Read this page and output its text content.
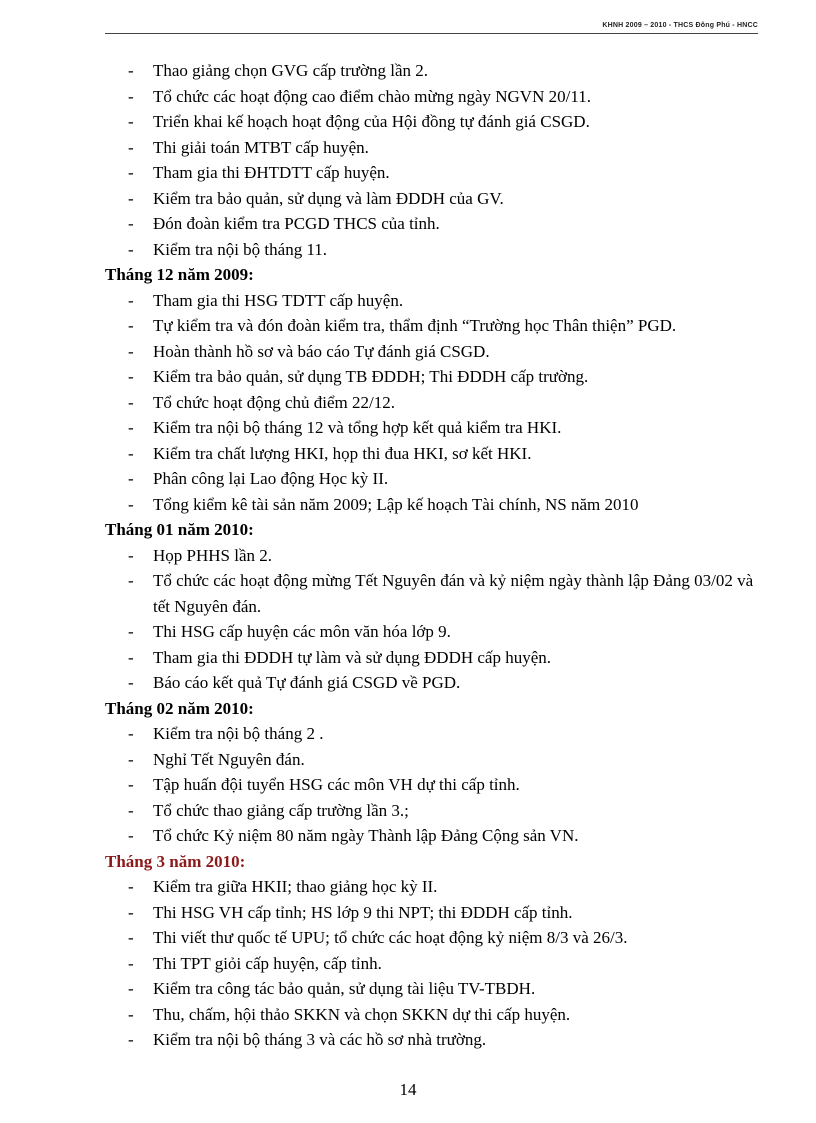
KHNH 2009 – 2010 - THCS Đông Phú - HNCC
- Thao giảng chọn GVG cấp trường lần 2.
- Tổ chức các hoạt động cao điểm chào mừng ngày NGVN 20/11.
- Triển khai kế hoạch hoạt động của Hội đồng tự đánh giá CSGD.
- Thi giải toán MTBT cấp huyện.
- Tham gia thi ĐHTDTT cấp huyện.
- Kiểm tra bảo quản, sử dụng và làm ĐDDH của GV.
- Đón đoàn kiểm tra PCGD THCS của tỉnh.
- Kiểm tra nội bộ tháng 11.

Tháng 12 năm 2009:

- Tham gia thi HSG TDTT cấp huyện.
- Tự kiểm tra và đón đoàn kiểm tra, thẩm định “Trường học Thân thiện” PGD.
- Hoàn thành hồ sơ và báo cáo Tự đánh giá CSGD.
- Kiểm tra bảo quản, sử dụng TB ĐDDH; Thi ĐDDH cấp trường.
- Tổ chức hoạt động chủ điểm 22/12.
- Kiểm tra nội bộ tháng 12 và tổng hợp kết quả kiểm tra HKI.
- Kiểm tra chất lượng HKI, họp thi đua HKI, sơ kết HKI.
- Phân công lại Lao động Học kỳ II.
- Tổng kiểm kê tài sản năm 2009; Lập kế hoạch Tài chính, NS năm 2010

Tháng 01 năm 2010:

- Họp PHHS lần 2.
- Tổ chức các hoạt động mừng Tết Nguyên đán và kỷ niệm ngày thành lập Đảng 03/02 và tết Nguyên đán.
- Thi HSG cấp huyện các môn văn hóa lớp 9.
- Tham gia thi ĐDDH tự làm và sử dụng ĐDDH cấp huyện.
- Báo cáo kết quả Tự đánh giá CSGD về PGD.

Tháng 02 năm 2010:

- Kiểm tra nội bộ tháng 2 .
- Nghỉ Tết Nguyên đán.
- Tập huấn đội tuyển HSG các môn VH dự thi cấp tỉnh.
- Tổ chức thao giảng cấp trường lần 3.;
- Tổ chức Kỷ niệm 80 năm ngày Thành lập Đảng Cộng sản VN.

Tháng 3 năm 2010:

- Kiểm tra giữa HKII; thao giảng học kỳ II.
- Thi HSG VH cấp tỉnh; HS lớp 9 thi NPT; thi ĐDDH cấp tỉnh.
- Thi viết thư quốc tế UPU; tổ chức các hoạt động kỷ niệm 8/3 và 26/3.
- Thi TPT giỏi cấp huyện, cấp tỉnh.
- Kiểm tra công tác bảo quản, sử dụng tài liệu TV-TBDH.
- Thu, chấm, hội thảo SKKN và chọn SKKN dự thi cấp huyện.
- Kiểm tra nội bộ tháng 3 và các hồ sơ nhà trường.
14
